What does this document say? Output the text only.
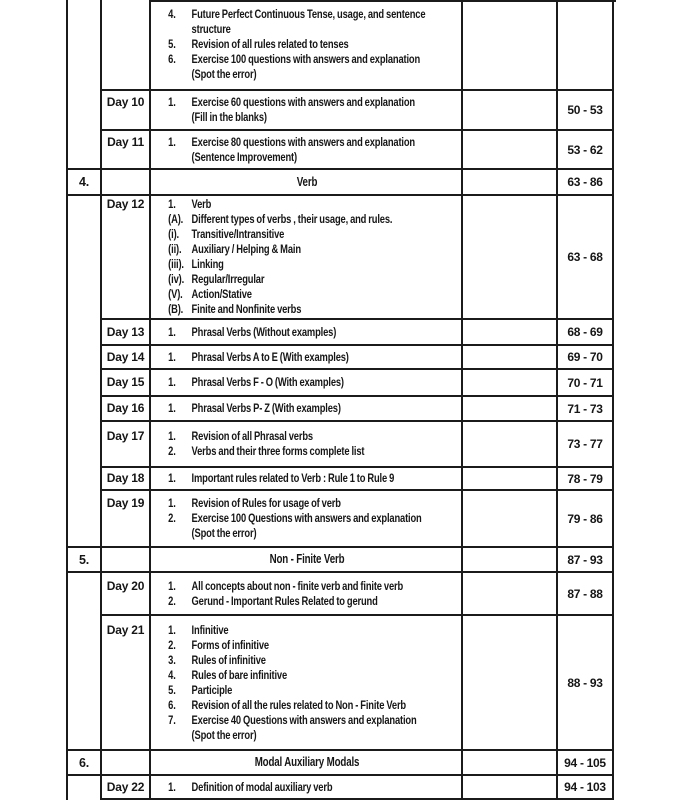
4.	Future Perfect Continuous Tense, usage, and sentence
structure
5.	Revision of all rules related to tenses
6.	Exercise 100 questions with answers and explanation
(Spot the error)
Day 10	1.	Exercise 60 questions with answers and explanation
(Fill in the blanks)	50 - 53
Day 11	1.	Exercise 80 questions with answers and explanation
(Sentence Improvement)	53 - 62
4.	Verb	63 - 86
Day 12	1.	Verb
(A). Different types of verbs , their usage, and rules.
(i).	Transitive/Intransitive
(ii). Auxiliary / Helping & Main
(iii). Linking
(iv). Regular/Irregular
(V). Action/Stative
(B). Finite and Nonfinite verbs
63 - 68
Day 13	1.	Phrasal Verbs (Without examples)	68 - 69
Day 14	1.	Phrasal Verbs A to E (With examples)	69 - 70
Day 15	1.	Phrasal Verbs F - O (With examples)	70 - 71
Day 16	1.	Phrasal Verbs P- Z (With examples)	71 - 73
Day 17	1.	Revision of all Phrasal verbs
2.	Verbs and their three forms complete list	73 - 77
Day 18	1.	Important rules related to Verb : Rule 1 to Rule 9	78 - 79
Day 19	1.	Revision of Rules for usage of verb
2.	Exercise 100 Questions with answers and explanation
(Spot the error)
79 - 86
5.	Non - Finite Verb	87 - 93
Day 20	1.	All concepts about non - finite verb and finite verb
2.	Gerund - Important Rules Related to gerund	87 - 88
Day 21	1.	Infinitive
2.	Forms of infinitive
3.	Rules of infinitive
4.	Rules of bare infinitive
5.	Participle
6.	Revision of all the rules related to Non - Finite Verb
7.	Exercise 40 Questions with answers and explanation
(Spot the error)
88 - 93
6.	Modal Auxiliary Modals	94 - 105
Day 22	1.	Definition of modal auxiliary verb	94 - 103
